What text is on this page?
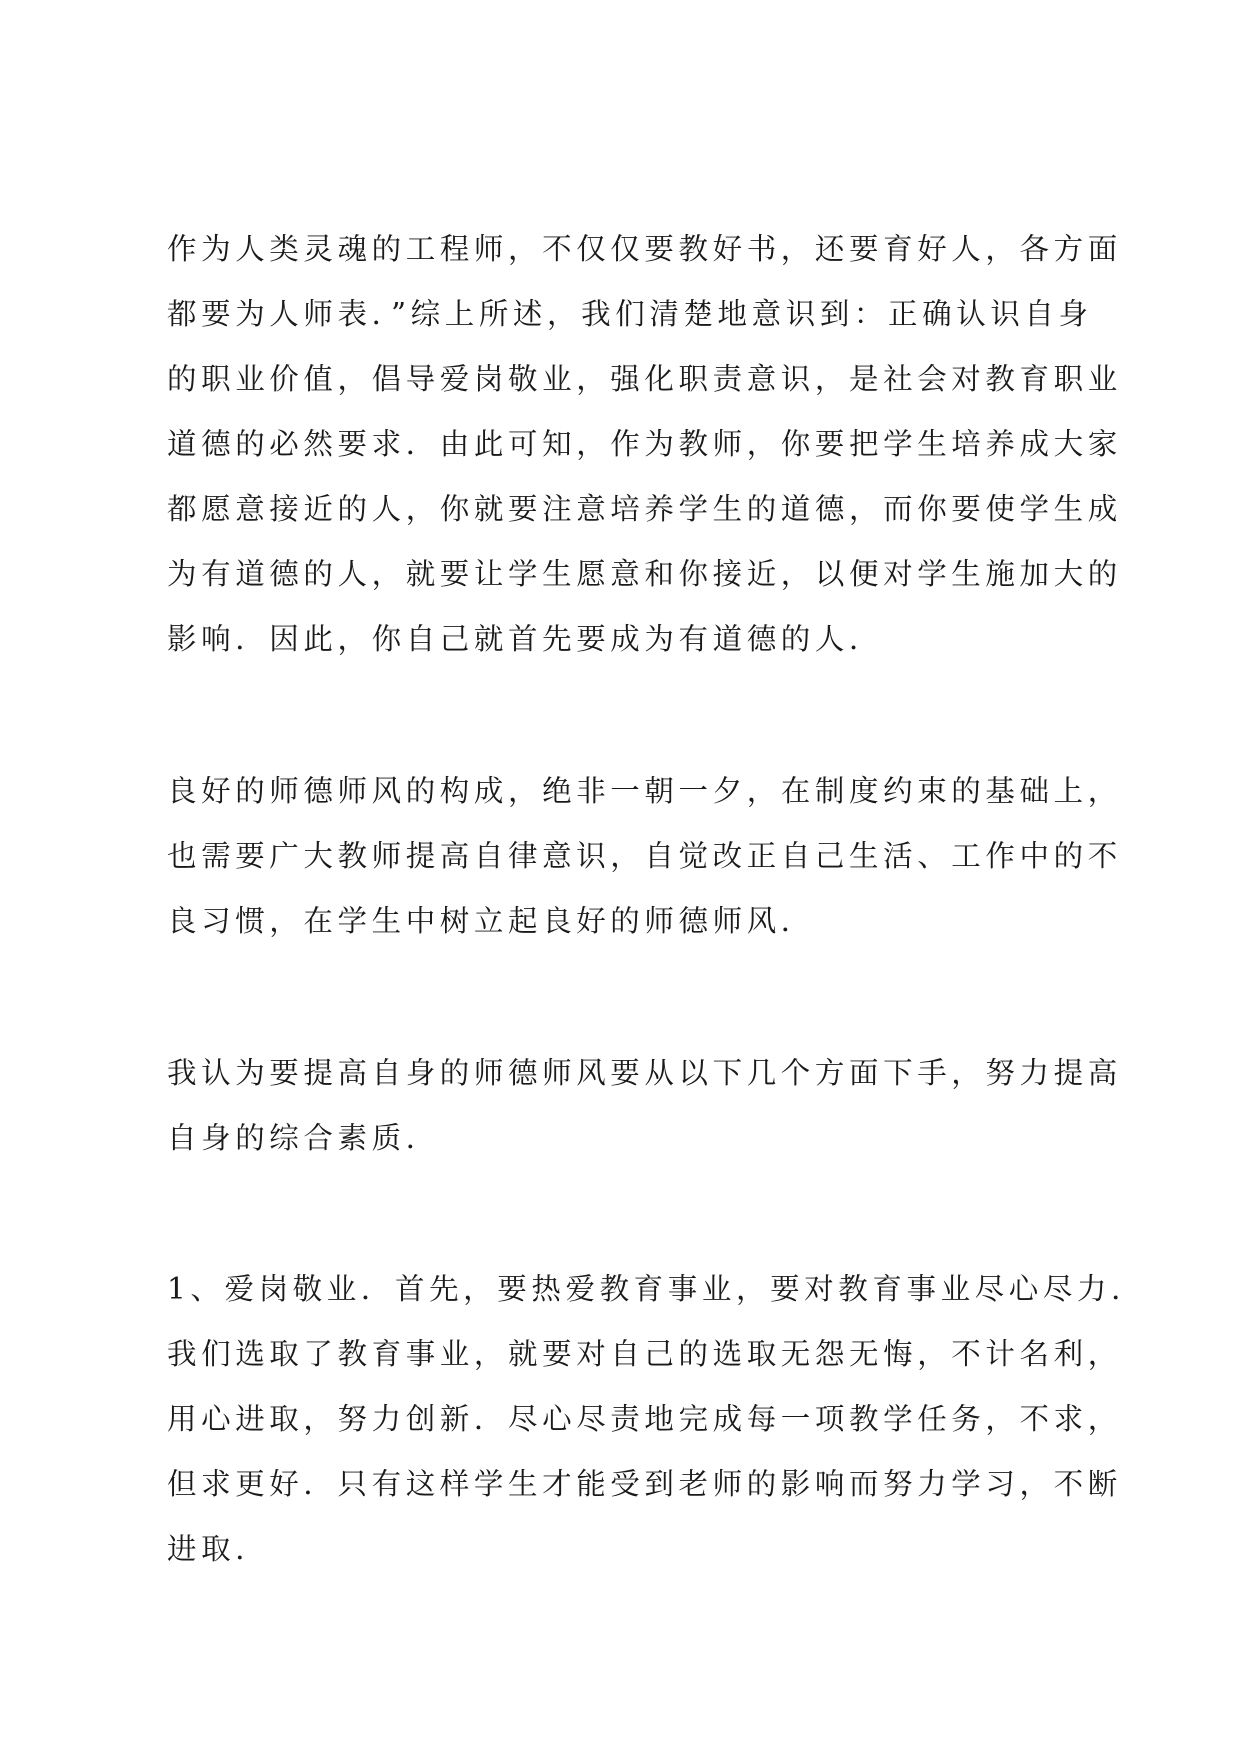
作为人类灵魂的工程师，不仅仅要教好书，还要育好人，各方面
都要为人师表．”综上所述，我们清楚地意识到：正确认识自身
的职业价值，倡导爱岗敬业，强化职责意识，是社会对教育职业
道德的必然要求．由此可知，作为教师，你要把学生培养成大家
都愿意接近的人，你就要注意培养学生的道德，而你要使学生成
为有道德的人，就要让学生愿意和你接近，以便对学生施加大的
影响．因此，你自己就首先要成为有道德的人．
良好的师德师风的构成，绝非一朝一夕，在制度约束的基础上，
也需要广大教师提高自律意识，自觉改正自己生活、工作中的不
良习惯，在学生中树立起良好的师德师风．
我认为要提高自身的师德师风要从以下几个方面下手，努力提高
自身的综合素质．
1、爱岗敬业．首先，要热爱教育事业，要对教育事业尽心尽力．
我们选取了教育事业，就要对自己的选取无怨无悔，不计名利，
用心进取，努力创新．尽心尽责地完成每一项教学任务，不求，
但求更好．只有这样学生才能受到老师的影响而努力学习，不断
进取．
